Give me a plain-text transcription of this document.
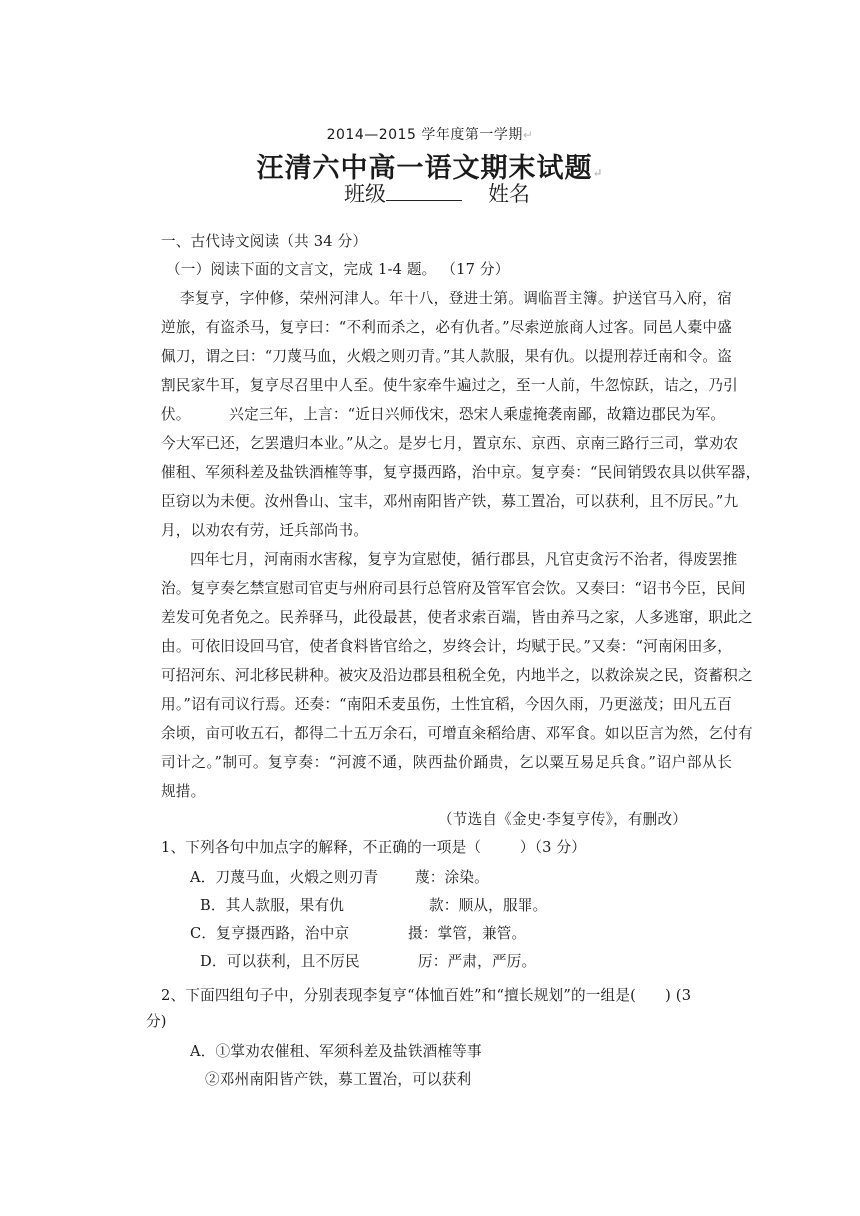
2014—2015 学年度第一学期↵
汪清六中高一语文期末试题↵
班级	姓名
一、古代诗文阅读（共 34 分）
（一）阅读下面的文言文，完成 1-4 题。 （17 分）
李复亨，字仲修，荣州河津人。年十八，登进士第。调临晋主簿。护送官马入府，宿
逆旅，有盗杀马，复亨曰：“不利而杀之，必有仇者。”尽索逆旅商人过客。同邑人橐中盛
佩刀，谓之曰：“刀蔑马血，火煅之则刃青。”其人款服，果有仇。以提刑荐迁南和令。盗
割民家牛耳，复亨尽召里中人至。使牛家牵牛遍过之，至一人前，牛忽惊跃，诘之，乃引
伏。        兴定三年，上言：“近日兴师伐宋，恐宋人乘虚掩袭南鄙，故籍边郡民为军。
今大军已还，乞罢遣归本业。”从之。是岁七月，置京东、京西、京南三路行三司，掌劝农
催租、军须科差及盐铁酒榷等事，复亨摄西路，治中京。复亨奏：“民间销毁农具以供军器，
臣窃以为未便。汝州鲁山、宝丰，邓州南阳皆产铁，募工置冶，可以获利，且不厉民。”九
月，以劝农有劳，迁兵部尚书。
四年七月，河南雨水害稼，复亨为宣慰使，循行郡县，凡官吏贪污不治者，得废罢推
治。复亨奏乞禁宣慰司官吏与州府司县行总管府及管军官会饮。又奏曰：“诏书今臣，民间
差发可免者免之。民养驿马，此役最甚，使者求索百端，皆由养马之家，人多逃窜，职此之
由。可依旧设回马官，使者食料皆官给之，岁终会计，均赋于民。”又奏：“河南闲田多，
可招河东、河北移民耕种。被灾及沿边郡县租税全免，内地半之，以救涂炭之民，资蓄积之
用。”诏有司议行焉。还奏：“南阳禾麦虽伤，土性宜稻，今因久雨，乃更滋茂；田凡五百
余顷，亩可收五石，都得二十五万余石，可增直籴稻给唐、邓军食。如以臣言为然，乞付有
司计之。”制可。复亨奏：“河渡不通，陕西盐价踊贵，乞以粟互易足兵食。”诏户部从长
规措。
（节选自《金史·李复亨传》，有删改）
1、下列各句中加点字的解释，不正确的一项是（        ）（3 分）
A．刀蔑马血，火煅之则刃青	蔑：涂染。
B．其人款服，果有仇	款：顺从，服罪。
C．复亨摄西路，治中京	摄：掌管，兼管。
D．可以获利，且不厉民	厉：严肃，严厉。
2、下面四组句子中，分别表现李复亨“体恤百姓”和“擅长规划”的一组是(      ) (3
分)
A．①掌劝农催租、军须科差及盐铁酒榷等事
②邓州南阳皆产铁，募工置冶，可以获利
